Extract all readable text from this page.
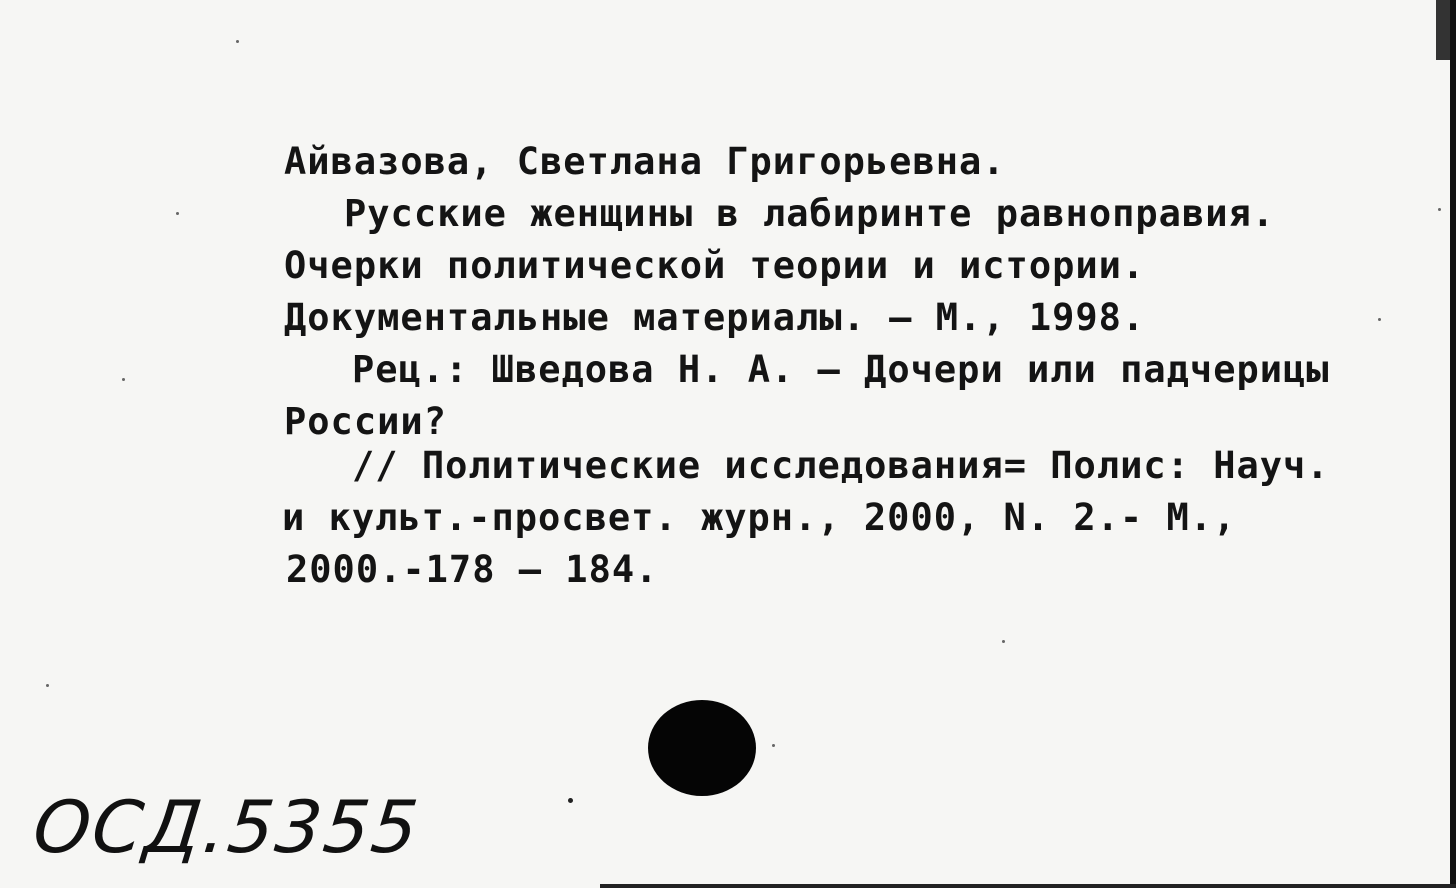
Айвазова, Светлана Григорьевна.
Русские женщины в лабиринте равноправия.
Очерки политической теории и истории.
Документальные материалы. – М., 1998.
Рец.: Шведова Н. А. – Дочери или падчерицы
России?
// Политические исследования= Полис: Науч.
и культ.-просвет. журн., 2000, N. 2.- М.,
2000.-178 – 184.
ОСД.5355
